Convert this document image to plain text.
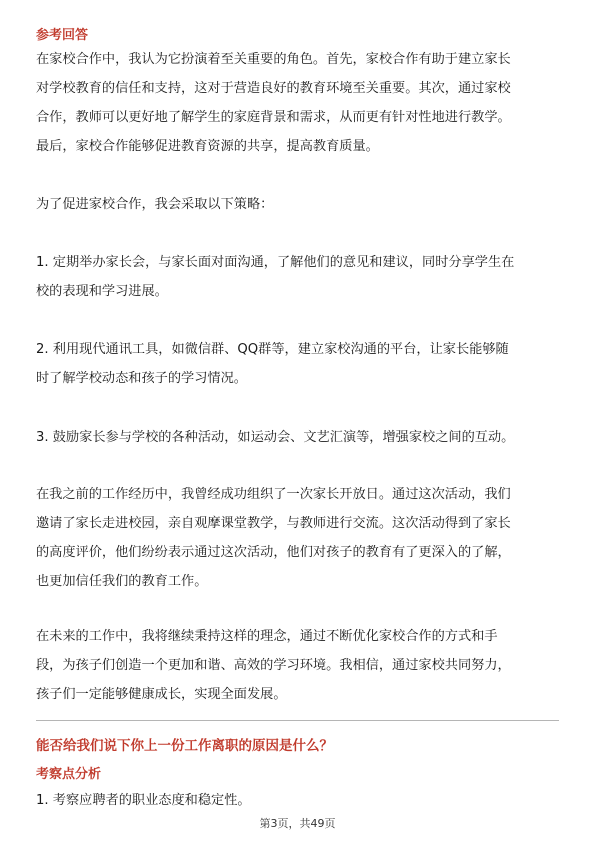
参考回答
在家校合作中，我认为它扮演着至关重要的角色。首先，家校合作有助于建立家长
对学校教育的信任和支持，这对于营造良好的教育环境至关重要。其次，通过家校
合作，教师可以更好地了解学生的家庭背景和需求，从而更有针对性地进行教学。
最后，家校合作能够促进教育资源的共享，提高教育质量。
为了促进家校合作，我会采取以下策略：
1. 定期举办家长会，与家长面对面沟通，了解他们的意见和建议，同时分享学生在
校的表现和学习进展。
2. 利用现代通讯工具，如微信群、QQ群等，建立家校沟通的平台，让家长能够随
时了解学校动态和孩子的学习情况。
3. 鼓励家长参与学校的各种活动，如运动会、文艺汇演等，增强家校之间的互动。
在我之前的工作经历中，我曾经成功组织了一次家长开放日。通过这次活动，我们
邀请了家长走进校园，亲自观摩课堂教学，与教师进行交流。这次活动得到了家长
的高度评价，他们纷纷表示通过这次活动，他们对孩子的教育有了更深入的了解，
也更加信任我们的教育工作。
在未来的工作中，我将继续秉持这样的理念，通过不断优化家校合作的方式和手
段，为孩子们创造一个更加和谐、高效的学习环境。我相信，通过家校共同努力，
孩子们一定能够健康成长，实现全面发展。
能否给我们说下你上一份工作离职的原因是什么？
考察点分析
1. 考察应聘者的职业态度和稳定性。
第3页，共49页
